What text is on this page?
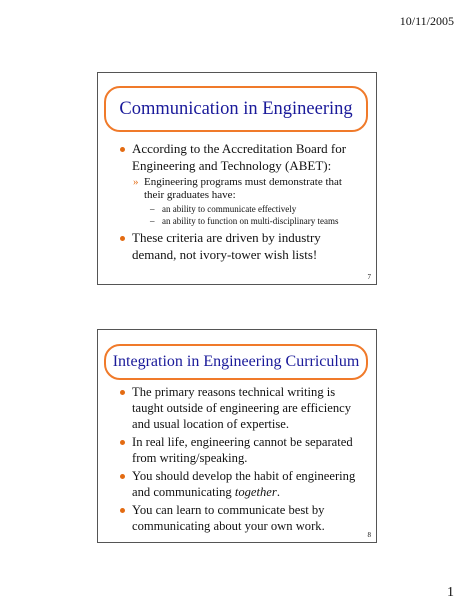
10/11/2005
Communication in Engineering
According to the Accreditation Board for
Engineering and Technology (ABET):
» Engineering programs must demonstrate that
their graduates have:
– an ability to communicate effectively
– an ability to function on multi-disciplinary teams
These criteria are driven by industry
demand, not ivory-tower wish lists!
7
Integration in Engineering Curriculum
The primary reasons technical writing is
taught outside of engineering are efficiency
and usual location of expertise.
In real life, engineering cannot be separated
from writing/speaking.
You should develop the habit of engineering
and communicating together.
You can learn to communicate best by
communicating about your own work.
8
1
